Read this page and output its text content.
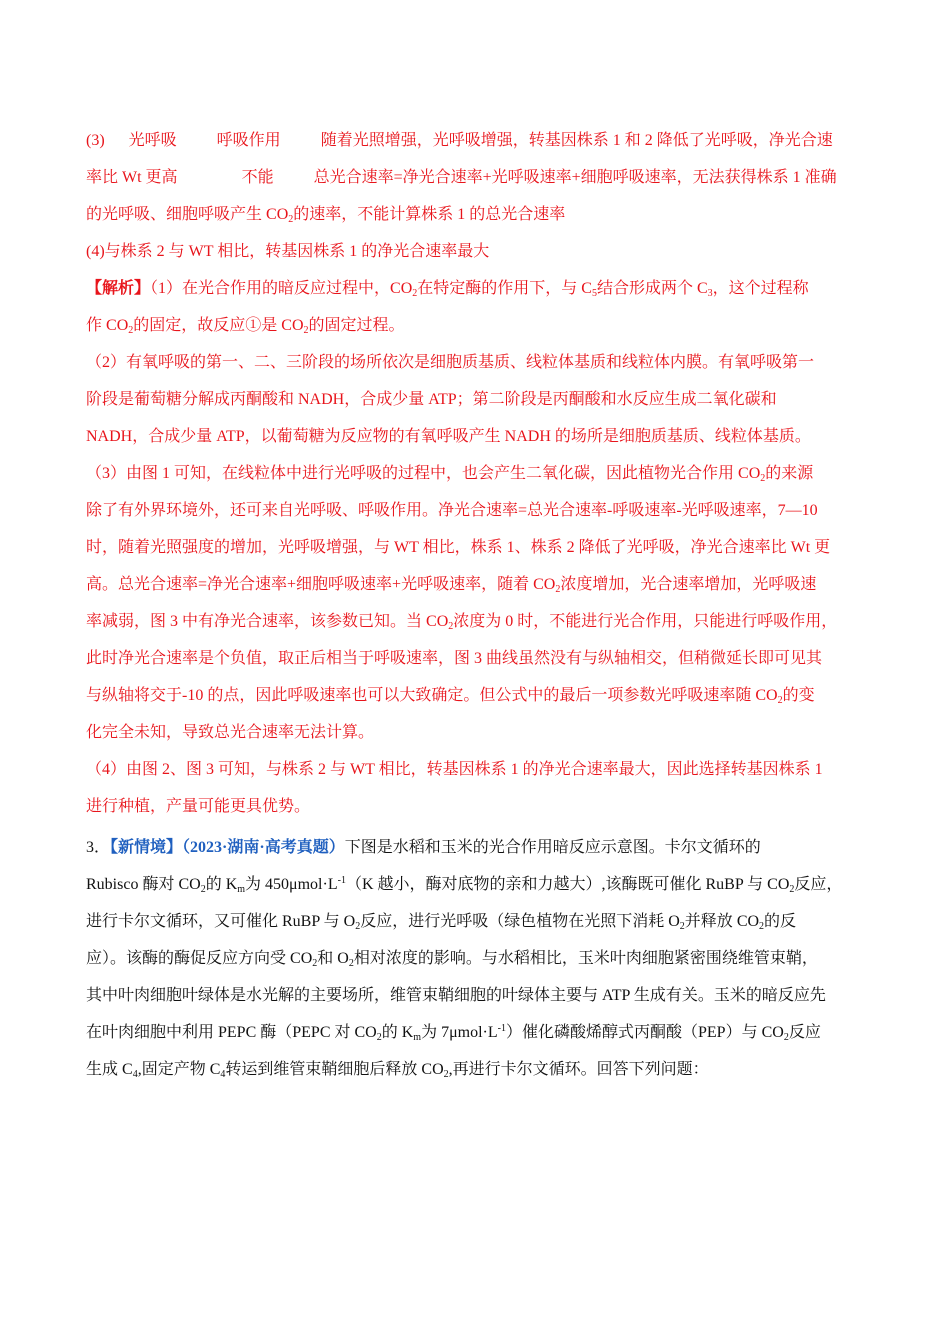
(3) 光呼吸	呼吸作用	随着光照增强，光呼吸增强，转基因株系 1 和 2 降低了光呼吸，净光合速
率比 Wt 更高	不能	总光合速率=净光合速率+光呼吸速率+细胞呼吸速率，无法获得株系 1 准确
的光呼吸、细胞呼吸产生 $CO_2$的速率，不能计算株系 1 的总光合速率
(4)与株系 2 与 WT 相比，转基因株系 1 的净光合速率最大
【解析】（1）在光合作用的暗反应过程中，$CO_2$在特定酶的作用下，与 $C_5$结合形成两个 $C_3$，这个过程称
作 $CO_2$的固定，故反应①是 $CO_2$的固定过程。
（2）有氧呼吸的第一、二、三阶段的场所依次是细胞质基质、线粒体基质和线粒体内膜。有氧呼吸第一
阶段是葡萄糖分解成丙酮酸和 NADH，合成少量 ATP；第二阶段是丙酮酸和水反应生成二氧化碳和
NADH，合成少量 ATP，以葡萄糖为反应物的有氧呼吸产生 NADH 的场所是细胞质基质、线粒体基质。
（3）由图 1 可知，在线粒体中进行光呼吸的过程中，也会产生二氧化碳，因此植物光合作用 $CO_2$的来源
除了有外界环境外，还可来自光呼吸、呼吸作用。净光合速率=总光合速率-呼吸速率-光呼吸速率，7—10
时，随着光照强度的增加，光呼吸增强，与 WT 相比，株系 1、株系 2 降低了光呼吸，净光合速率比 Wt 更
高。总光合速率=净光合速率+细胞呼吸速率+光呼吸速率，随着 $CO_2$浓度增加，光合速率增加，光呼吸速
率减弱，图 3 中有净光合速率，该参数已知。当 $CO_2$浓度为 0 时，不能进行光合作用，只能进行呼吸作用，
此时净光合速率是个负值，取正后相当于呼吸速率，图 3 曲线虽然没有与纵轴相交，但稍微延长即可见其
与纵轴将交于-10 的点，因此呼吸速率也可以大致确定。但公式中的最后一项参数光呼吸速率随 $CO_2$的变
化完全未知，导致总光合速率无法计算。
（4）由图 2、图 3 可知，与株系 2 与 WT 相比，转基因株系 1 的净光合速率最大，因此选择转基因株系 1
进行种植，产量可能更具优势。
3．【新情境】（2023·湖南·高考真题）下图是水稻和玉米的光合作用暗反应示意图。卡尔文循环的
Rubisco 酶对 $CO_2$的 $K_m$为 $450\mu mol\cdot L^{-1}(K$ 越小，酶对底物的亲和力越大）,该酶既可催化 RuBP 与 $CO_2$反应，
进行卡尔文循环，又可催化 RuBP 与 $O_2$反应，进行光呼吸（绿色植物在光照下消耗 $O_2$并释放 $CO_2$的反
应）。该酶的酶促反应方向受 $CO_2$和 $O_2$相对浓度的影响。与水稻相比，玉米叶肉细胞紧密围绕维管束鞘，
其中叶肉细胞叶绿体是水光解的主要场所，维管束鞘细胞的叶绿体主要与 ATP 生成有关。玉米的暗反应先
在叶肉细胞中利用 PEPC 酶（PEPC 对 $CO_2$的 $K_m$为 $7\mu mol\cdot L^{-1}$）催化磷酸烯醇式丙酮酸（PEP）与 $CO_2$反应
生成 $C_4$,固定产物 $C_4$转运到维管束鞘细胞后释放 $CO_2$,再进行卡尔文循环。回答下列问题：
